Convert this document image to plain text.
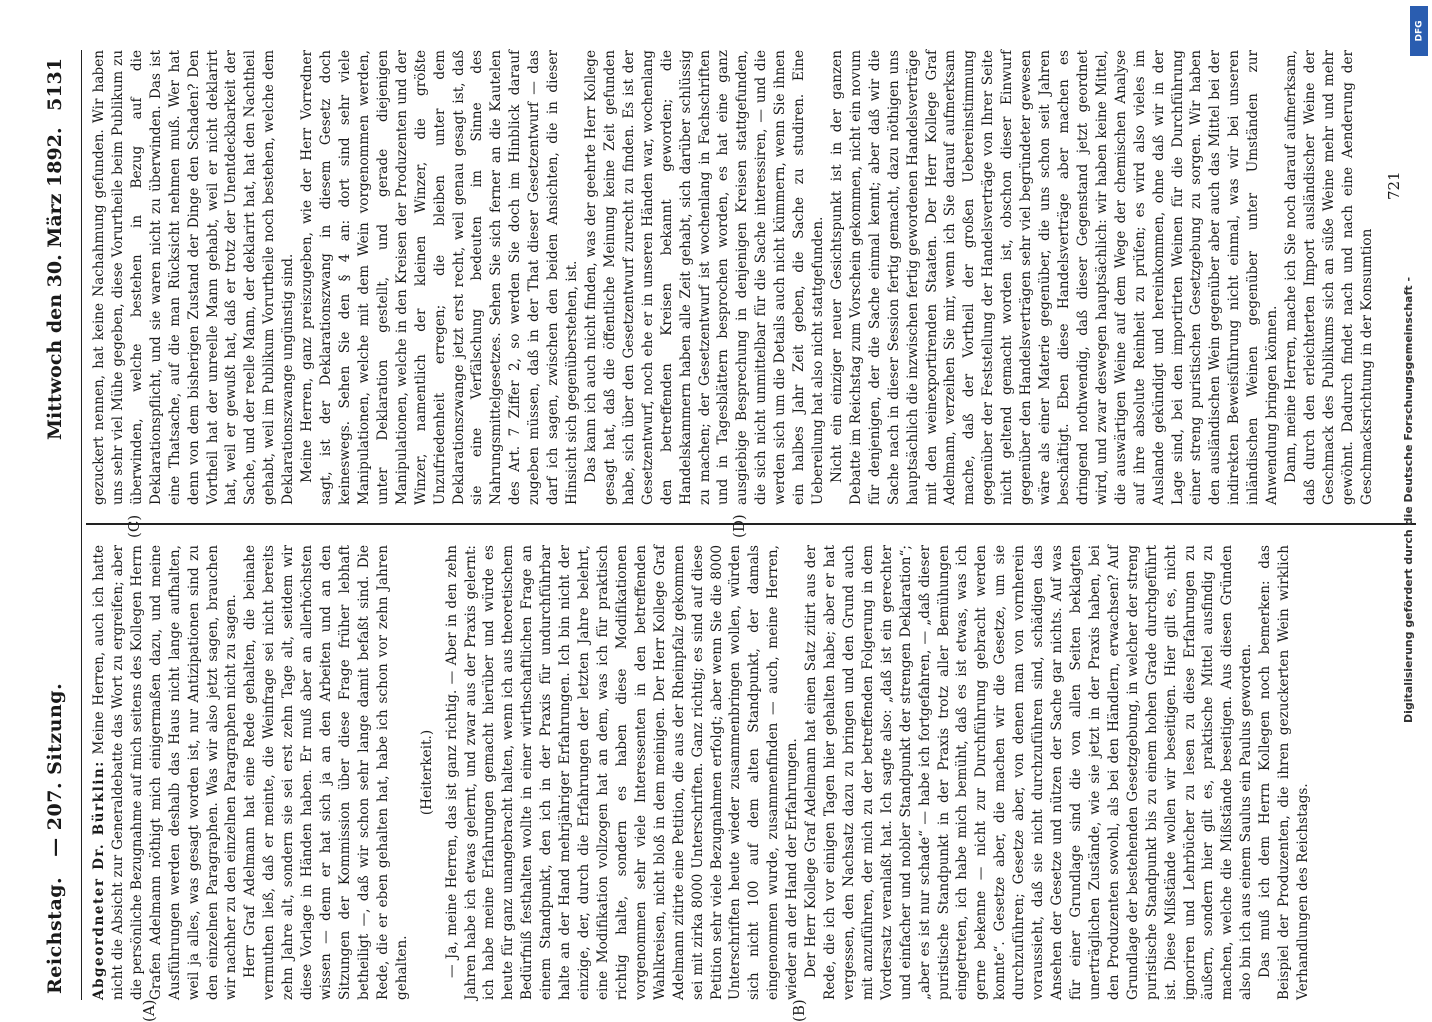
Reichstag.— 207. Sitzung.
Mittwoch den 30. März 1892.
5131
(A)	(B)
(C)	(D)

Abgeordneter Dr. Bürklin: Meine Herren, auch ich hatte nicht die Absicht zur Generaldebatte das Wort zu ergreifen; aber die persönliche Bezugnahme auf mich seitens des Kollegen Herrn Grafen Adelmann nöthigt mich einigermaßen dazu, und meine Ausführungen werden deshalb das Haus nicht lange aufhalten, weil ja alles, was gesagt worden ist, nur Antizipationen sind zu den einzelnen Paragraphen. Was wir also jetzt sagen, brauchen wir nachher zu den einzelnen Paragraphen nicht zu sagen. Herr Graf Adelmann hat eine Rede gehalten, die beinahe vermuthen ließ, daß er meinte, die Weinfrage sei nicht bereits zehn Jahre alt, sondern sie sei erst zehn Tage alt, seitdem wir diese Vorlage in Händen haben. Er muß aber an allerhöchsten wissen — denn er hat sich ja an den Arbeiten und an den Sitzungen der Kommission über diese Frage früher lebhaft betheiligt —, daß wir schon sehr lange damit befaßt sind. Die Rede, die er eben gehalten hat, habe ich schon vor zehn Jahren gehalten.

(Heiterkeit.) — Ja, meine Herren, das ist ganz richtig. — Aber in den zehn Jahren habe ich etwas gelernt, und zwar aus der Praxis gelernt: ich habe meine Erfahrungen gemacht hierüber und würde es heute für ganz unangebracht halten, wenn ich aus theoretischem Bedürfniß festhalten wollte in einer wirthschaftlichen Frage an einem Standpunkt, den ich in der Praxis für undurchführbar halte an der Hand mehrjähriger Erfahrungen. Ich bin nicht der einzige, der, durch die Erfahrungen der letzten Jahre belehrt, eine Modifikation vollzogen hat an dem, was ich für praktisch richtig halte, sondern es haben diese Modifikationen vorgenommen sehr viele Interessenten in den betreffenden Wahlkreisen, nicht bloß in dem meinigen. Der Herr Kollege Graf Adelmann zitirte eine Petition, die aus der Rheinpfalz gekommen sei mit zirka 8000 Unterschriften. Ganz richtig; es sind auf diese Petition sehr viele Bezugnahmen erfolgt; aber wenn Sie die 8000 Unterschriften heute wieder zusammenbringen wollen, würden sich nicht 100 auf dem alten Standpunkt, der damals eingenommen wurde, zusammenfinden — auch, meine Herren, wieder an der Hand der Erfahrungen. Der Herr Kollege Graf Adelmann hat einen Satz zitirt aus der Rede, die ich vor einigen Tagen hier gehalten habe; aber er hat vergessen, den Nachsatz dazu zu bringen und den Grund auch mit anzuführen, der mich zu der betreffenden Folgerung in dem Vordersatz veranlaßt hat. Ich sagte also: „daß ist ein gerechter und einfacher und nobler Standpunkt der strengen Deklaration“; „aber es ist nur schade“ — habe ich fortgefahren, — „daß dieser puristische Standpunkt in der Praxis trotz aller Bemühungen eingetreten, ich habe mich bemüht, daß es ist etwas, was ich gerne bekenne — nicht zur Durchführung gebracht werden konnte“. Gesetze aber, die machen wir die Gesetze, um sie durchzuführen; Gesetze aber, von denen man von vornherein voraussieht, daß sie nicht durchzuführen sind, schädigen das Ansehen der Gesetze und nützen der Sache gar nichts. Auf was für einer Grundlage sind die von allen Seiten beklagten unerträglichen Zustände, wie sie jetzt in der Praxis haben, bei den Produzenten sowohl, als bei den Händlern, erwachsen? Auf Grundlage der bestehenden Gesetzgebung, in welcher der streng puristische Standpunkt bis zu einem hohen Grade durchgeführt ist. Diese Mißstände wollen wir beseitigen. Hier gilt es, nicht ignoriren und Lehrbücher zu lesen zu diese Erfahrungen zu äußern, sondern hier gilt es, praktische Mittel ausfindig zu machen, welche die Mißstände beseitigen. Aus diesen Gründen also bin ich aus einem Saulus ein Paulus geworden. Das muß ich dem Herrn Kollegen noch bemerken: das Beispiel der Produzenten, die ihren gezuckerten Wein wirklich Verhandlungen des Reichstags.

gezuckert nennen, hat keine Nachahmung gefunden. Wir haben uns sehr viel Mühe gegeben, diese Vorurtheile beim Publikum zu überwinden, welche bestehen in Bezug auf die Deklarationspflicht, und sie waren nicht zu überwinden. Das ist eine Thatsache, auf die man Rücksicht nehmen muß. Wer hat denn von dem bisherigen Zustand der Dinge den Schaden? Den Vortheil hat der unreelle Mann gehabt, weil er nicht deklarirt hat, weil er gewußt hat, daß er trotz der Unentdeckbarkeit der Sache, und der reelle Mann, der deklarirt hat, hat den Nachtheil gehabt, weil im Publikum Vorurtheile noch bestehen, welche dem Deklarationszwange ungünstig sind. Meine Herren, ganz preiszugeben, wie der Herr Vorredner sagt, ist der Deklarationszwang in diesem Gesetz doch keineswegs. Sehen Sie den § 4 an: dort sind sehr viele Manipulationen, welche mit dem Wein vorgenommen werden, unter Deklaration gestellt, und gerade diejenigen Manipulationen, welche in den Kreisen der Produzenten und der Winzer, namentlich der kleinen Winzer, die größte Unzufriedenheit erregen; die bleiben unter dem Deklarationszwange jetzt erst recht, weil genau gesagt ist, daß sie eine Verfälschung bedeuten im Sinne des Nahrungsmittelgesetzes. Sehen Sie sich ferner an die Kautelen des Art. 7 Ziffer 2, so werden Sie doch im Hinblick darauf zugeben müssen, daß in der That dieser Gesetzentwurf — das darf ich sagen, zwischen den beiden Ansichten, die in dieser Hinsicht sich gegenüberstehen, ist. Das kann ich auch nicht finden, was der geehrte Herr Kollege gesagt hat, daß die öffentliche Meinung keine Zeit gefunden habe, sich über den Gesetzentwurf zurecht zu finden. Es ist der Gesetzentwurf, noch ehe er in unseren Händen war, wochenlang den betreffenden Kreisen bekannt geworden; die Handelskammern haben alle Zeit gehabt, sich darüber schlüssig zu machen; der Gesetzentwurf ist wochenlang in Fachschriften und in Tagesblättern besprochen worden, es hat eine ganz ausgiebige Besprechung in denjenigen Kreisen stattgefunden, die sich nicht unmittelbar für die Sache interessiren, — und die werden sich um die Details auch nicht kümmern, wenn Sie ihnen ein halbes Jahr Zeit geben, die Sache zu studiren. Eine Uebereilung hat also nicht stattgefunden. Nicht ein einziger neuer Gesichtspunkt ist in der ganzen Debatte im Reichstag zum Vorschein gekommen, nicht ein novum für denjenigen, der die Sache einmal kennt; aber daß wir die Sache nach in dieser Session fertig gemacht, dazu nöthigen uns hauptsächlich die inzwischen fertig gewordenen Handelsverträge mit den weinexportirenden Staaten. Der Herr Kollege Graf Adelmann, verzeihen Sie mir, wenn ich Sie darauf aufmerksam mache, daß der Vortheil der großen Uebereinstimmung gegenüber der Feststellung der Handelsverträge von Ihrer Seite nicht geltend gemacht worden ist, obschon dieser Einwurf gegenüber den Handelsverträgen sehr viel begründeter gewesen wäre als einer Materie gegenüber, die uns schon seit Jahren beschäftigt. Eben diese Handelsverträge aber machen es dringend nothwendig, daß dieser Gegenstand jetzt geordnet wird, und zwar deswegen hauptsächlich: wir haben keine Mittel, die auswärtigen Weine auf dem Wege der chemischen Analyse auf ihre absolute Reinheit zu prüfen; es wird also vieles im Auslande gekündigt und hereinkommen, ohne daß wir in der Lage sind, bei den importirten Weinen für die Durchführung einer streng puristischen Gesetzgebung zu sorgen. Wir haben den ausländischen Wein gegenüber aber auch das Mittel bei der indirekten Beweisführung nicht einmal, was wir bei unseren inländischen Weinen gegenüber unter Umständen zur Anwendung bringen können. Dann, meine Herren, mache ich Sie noch darauf aufmerksam, daß durch den erleichterten Import ausländischer Weine der Geschmack des Publikums sich an süße Weine mehr und mehr gewöhnt. Dadurch findet nach und nach eine Aenderung der Geschmacksrichtung in der Konsumtion

721
Digitalisierung gefördert durch die Deutsche Forschungsgemeinschaft -
DFG
